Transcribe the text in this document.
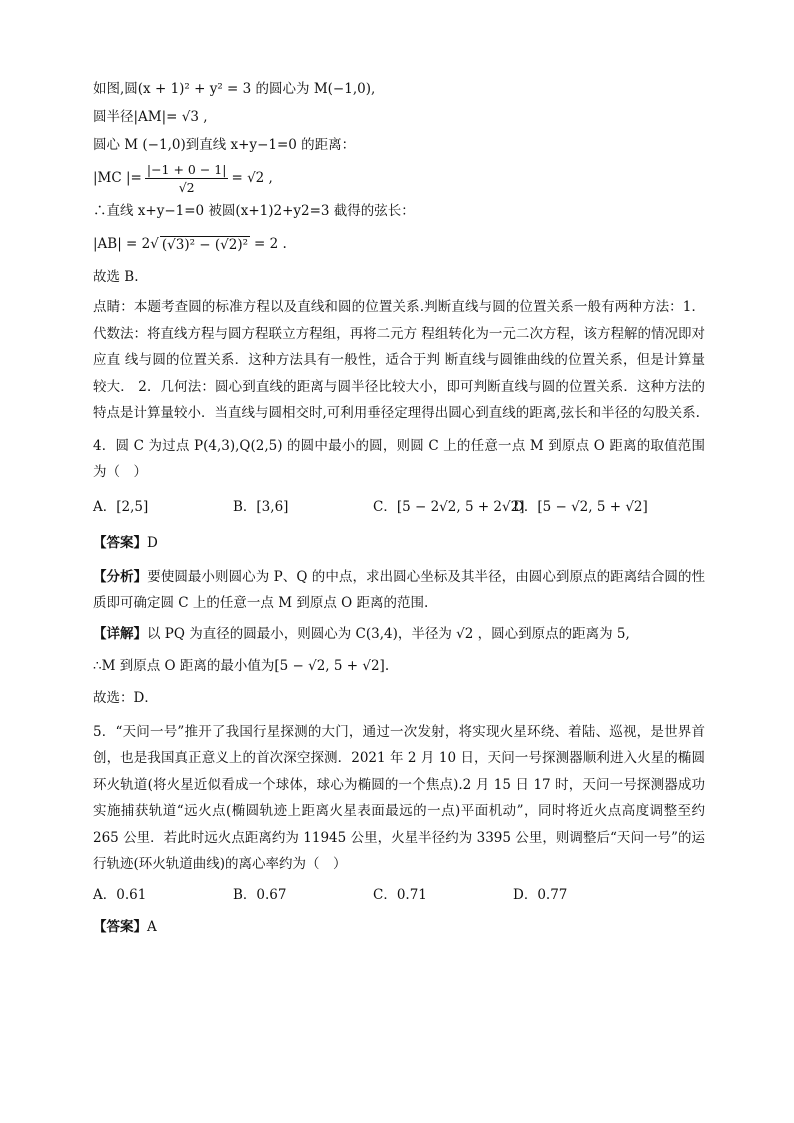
如图,圆(x + 1)² + y² = 3 的圆心为 M(−1,0),

圆半径|AM|= √3 ,

圆心 M (−1,0)到直线 x+y−1=0 的距离：

|MC |= $\frac{|-1 + 0 - 1|}{√2} = √2$ ,

∴直线 x+y−1=0 被圆(x+1)2+y2=3 截得的弦长：

|AB| = 2 √ (√3)² − (√2)² = 2 .

故选 B.

点睛：本题考查圆的标准方程以及直线和圆的位置关系.判断直线与圆的位置关系一般有两种方法：1．代数法：将直线方程与圆方程联立方程组，再将二元方 程组转化为一元二次方程，该方程解的情况即对应直 线与圆的位置关系．这种方法具有一般性，适合于判 断直线与圆锥曲线的位置关系，但是计算量较大． 2．几何法：圆心到直线的距离与圆半径比较大小，即可判断直线与圆的位置关系．这种方法的特点是计算量较小．当直线与圆相交时,可利用垂径定理得出圆心到直线的距离,弦长和半径的勾股关系.

4．圆 C 为过点 P(4,3),Q(2,5) 的圆中最小的圆，则圆 C 上的任意一点 M 到原点 O 距离的取值范围为（　）

A．[2,5]	B．[3,6]	C．[5 − 2√2, 5 + 2√2]
D．[5 − √2, 5 + √2]

【答案】D

【分析】要使圆最小则圆心为 P、Q 的中点，求出圆心坐标及其半径，由圆心到原点的距离结合圆的性质即可确定圆 C 上的任意一点 M 到原点 O 距离的范围.

【详解】以 PQ 为直径的圆最小，则圆心为 C(3,4)，半径为 √2 ，圆心到原点的距离为 5,

∴M 到原点 O 距离的最小值为[5 − √2, 5 + √2].

故选：D．

5．“天问一号”推开了我国行星探测的大门，通过一次发射，将实现火星环绕、着陆、巡视，是世界首创，也是我国真正意义上的首次深空探测．2021 年 2 月 10 日，天问一号探测器顺利进入火星的椭圆环火轨道(将火星近似看成一个球体，球心为椭圆的一个焦点).2 月 15 日 17 时，天问一号探测器成功实施捕获轨道“远火点(椭圆轨迹上距离火星表面最远的一点)平面机动”，同时将近火点高度调整至约 265 公里．若此时远火点距离约为 11945 公里，火星半径约为 3395 公里，则调整后“天问一号”的运行轨迹(环火轨道曲线)的离心率约为（　）

A．0.61	B．0.67	C．0.71	D．0.77

【答案】A
